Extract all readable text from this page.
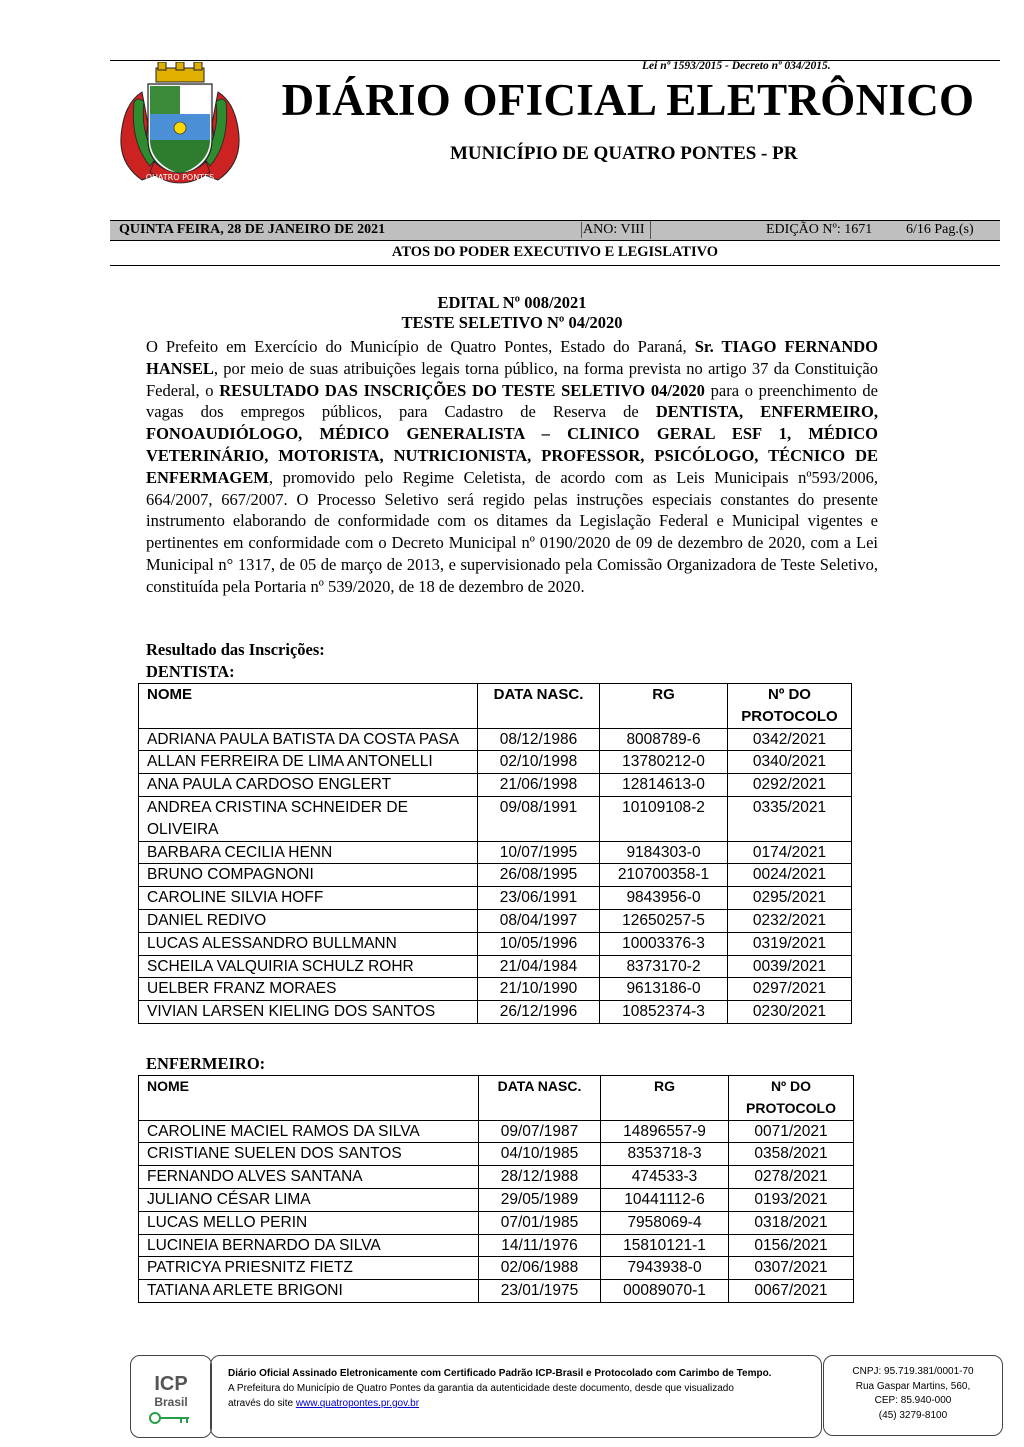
Lei nº 1593/2015 - Decreto nº 034/2015.
QUATRO PONTES
DIÁRIO OFICIAL ELETRÔNICO
MUNICÍPIO DE QUATRO PONTES - PR
QUINTA FEIRA, 28 DE JANEIRO DE 2021	ANO: VIII	EDIÇÃO Nº: 1671 6/16 Pag.(s)
ATOS DO PODER EXECUTIVO E LEGISLATIVO
EDITAL Nº 008/2021
TESTE SELETIVO Nº 04/2020

O Prefeito em Exercício do Município de Quatro Pontes, Estado do Paraná, Sr. TIAGO FERNANDO HANSEL, por meio de suas atribuições legais torna público, na forma prevista no artigo 37 da Constituição Federal, o RESULTADO DAS INSCRIÇÕES DO TESTE SELETIVO 04/2020 para o preenchimento de vagas dos empregos públicos, para Cadastro de Reserva de DENTISTA, ENFERMEIRO, FONOAUDIÓLOGO, MÉDICO GENERALISTA – CLINICO GERAL ESF 1, MÉDICO VETERINÁRIO, MOTORISTA, NUTRICIONISTA, PROFESSOR, PSICÓLOGO, TÉCNICO DE ENFERMAGEM, promovido pelo Regime Celetista, de acordo com as Leis Municipais nº593/2006, 664/2007, 667/2007. O Processo Seletivo será regido pelas instruções especiais constantes do presente instrumento elaborando de conformidade com os ditames da Legislação Federal e Municipal vigentes e pertinentes em conformidade com o Decreto Municipal nº 0190/2020 de 09 de dezembro de 2020, com a Lei Municipal n° 1317, de 05 de março de 2013, e supervisionado pela Comissão Organizadora de Teste Seletivo, constituída pela Portaria nº 539/2020, de 18 de dezembro de 2020.

Resultado das Inscrições:
DENTISTA:
NOME	DATA NASC.	RG	Nº DO PROTOCOLO
ADRIANA PAULA BATISTA DA COSTA PASA	08/12/1986	8008789-6	0342/2021
ALLAN FERREIRA DE LIMA ANTONELLI	02/10/1998	13780212-0	0340/2021
ANA PAULA CARDOSO ENGLERT	21/06/1998	12814613-0	0292/2021
ANDREA CRISTINA SCHNEIDER DE OLIVEIRA	09/08/1991	10109108-2	0335/2021
BARBARA CECILIA HENN	10/07/1995	9184303-0	0174/2021
BRUNO COMPAGNONI	26/08/1995	210700358-1	0024/2021
CAROLINE SILVIA HOFF	23/06/1991	9843956-0	0295/2021
DANIEL REDIVO	08/04/1997	12650257-5	0232/2021
LUCAS ALESSANDRO BULLMANN	10/05/1996	10003376-3	0319/2021
SCHEILA VALQUIRIA SCHULZ ROHR	21/04/1984	8373170-2	0039/2021
UELBER FRANZ MORAES	21/10/1990	9613186-0	0297/2021
VIVIAN LARSEN KIELING DOS SANTOS	26/12/1996	10852374-3	0230/2021
ENFERMEIRO:
NOME	DATA NASC.	RG	Nº DO PROTOCOLO
CAROLINE MACIEL RAMOS DA SILVA	09/07/1987	14896557-9	0071/2021
CRISTIANE SUELEN DOS SANTOS	04/10/1985	8353718-3	0358/2021
FERNANDO ALVES SANTANA	28/12/1988	474533-3	0278/2021
JULIANO CÉSAR LIMA	29/05/1989	10441112-6	0193/2021
LUCAS MELLO PERIN	07/01/1985	7958069-4	0318/2021
LUCINEIA BERNARDO DA SILVA	14/11/1976	15810121-1	0156/2021
PATRICYA PRIESNITZ FIETZ	02/06/1988	7943938-0	0307/2021
TATIANA ARLETE BRIGONI	23/01/1975	00089070-1	0067/2021
ICP
Brasil
Diário Oficial Assinado Eletronicamente com Certificado Padrão ICP-Brasil e Protocolado com Carimbo de Tempo.
A Prefeitura do Município de Quatro Pontes da garantia da autenticidade deste documento, desde que visualizado
através do site www.quatropontes.pr.gov.br
CNPJ: 95.719.381/0001-70
Rua Gaspar Martins, 560,
CEP: 85.940-000
(45) 3279-8100
